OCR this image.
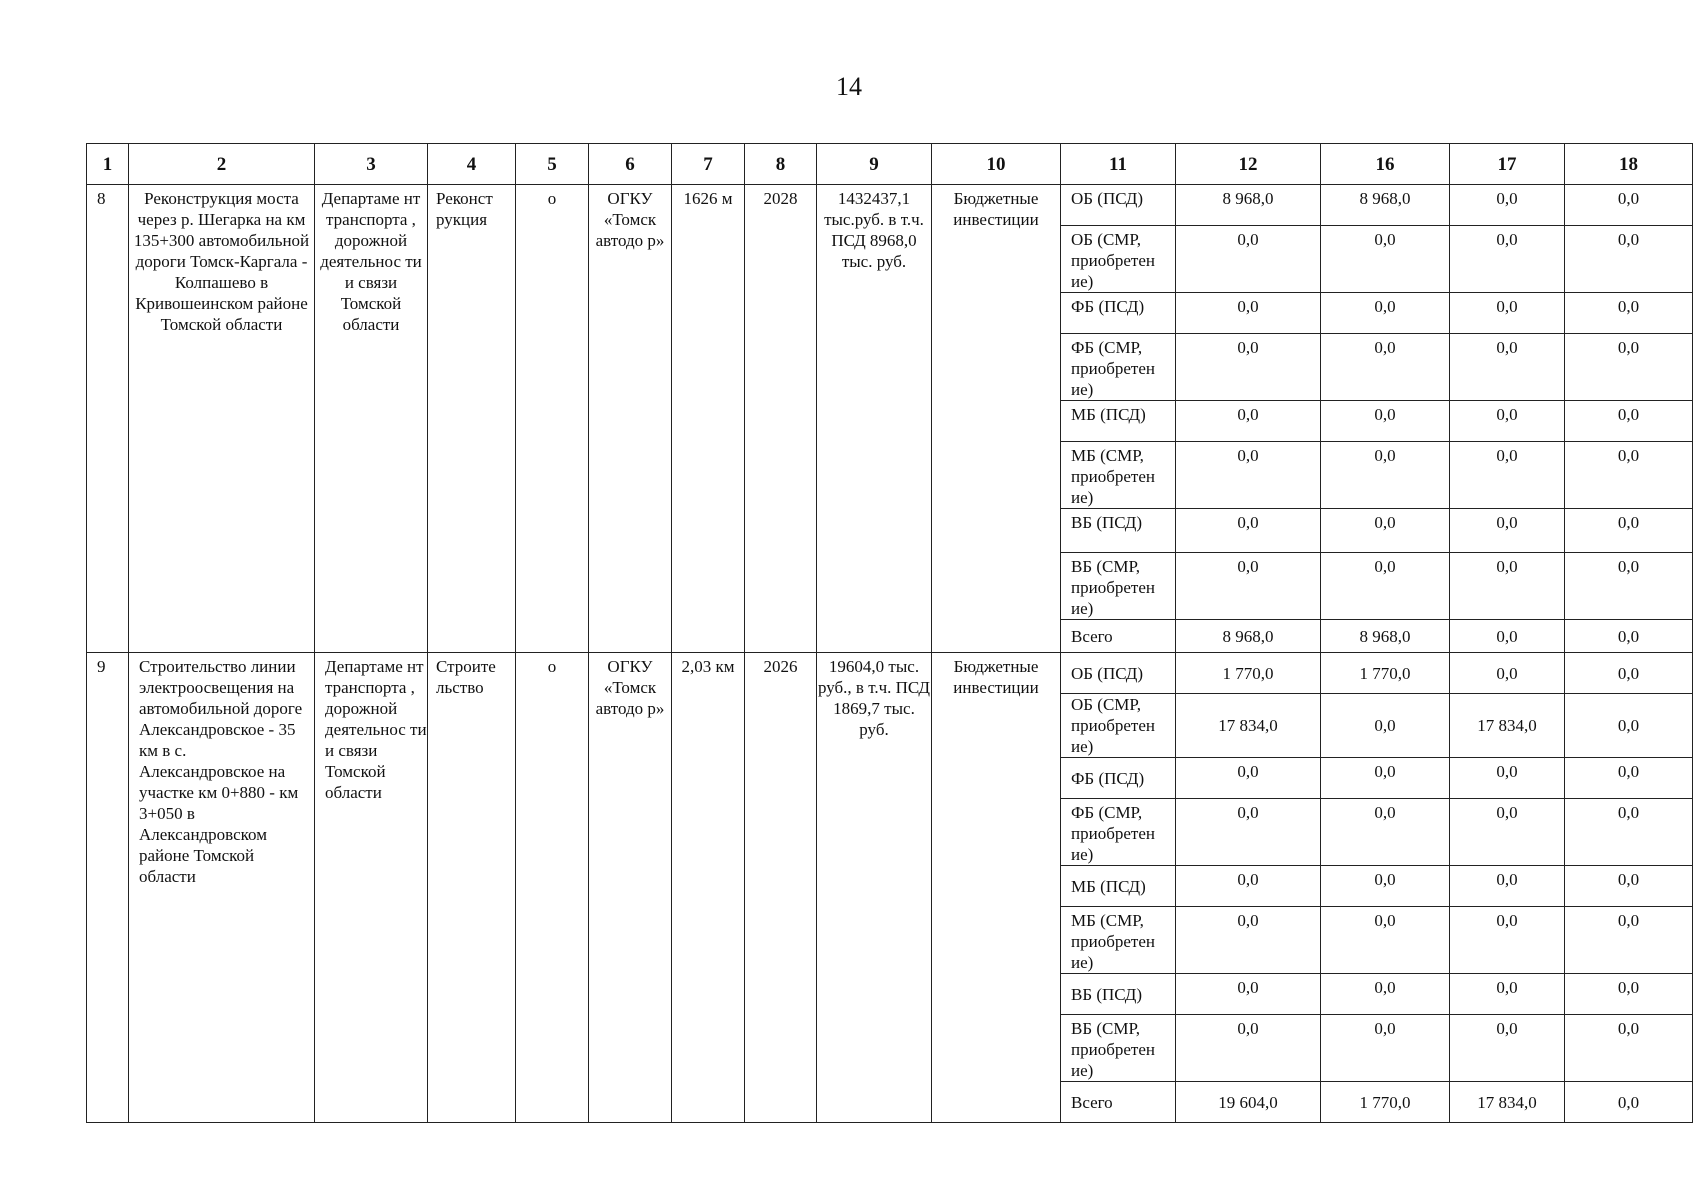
14
1	2	3	4	5	6	7	8	9	10	11	12	16	17	18
8	Реконструкция моста через р. Шегарка на км 135+300 автомобильной дороги Томск-Каргала - Колпашево в Кривошеинском районе Томской области	Департаме нт транспорта , дорожной деятельнос ти и связи Томской области	Реконст рукция	о	ОГКУ «Томск автодо р»	1626 м	2028	1432437,1 тыс.руб. в т.ч. ПСД 8968,0 тыс. руб.	Бюджетные инвестиции	ОБ (ПСД)	8 968,0	8 968,0	0,0	0,0
										ОБ (СМР, приобретен ие)	0,0	0,0	0,0	0,0
										ФБ (ПСД)	0,0	0,0	0,0	0,0
										ФБ (СМР, приобретен ие)	0,0	0,0	0,0	0,0
										МБ (ПСД)	0,0	0,0	0,0	0,0
										МБ (СМР, приобретен ие)	0,0	0,0	0,0	0,0
										ВБ (ПСД)	0,0	0,0	0,0	0,0
										ВБ (СМР, приобретен ие)	0,0	0,0	0,0	0,0
										Всего	8 968,0	8 968,0	0,0	0,0
9	Строительство линии электроосвещения на автомобильной дороге Александровское - 35 км в с. Александровское на участке км 0+880 - км 3+050 в Александровском районе Томской области	Департаме нт транспорта , дорожной деятельнос ти и связи Томской области	Строите льство	о	ОГКУ «Томск автодо р»	2,03 км	2026	19604,0 тыс. руб., в т.ч. ПСД 1869,7 тыс. руб.	Бюджетные инвестиции	ОБ (ПСД)	1 770,0	1 770,0	0,0	0,0
										ОБ (СМР, приобретен ие)	17 834,0	0,0	17 834,0	0,0
										ФБ (ПСД)	0,0	0,0	0,0	0,0
										ФБ (СМР, приобретен ие)	0,0	0,0	0,0	0,0
										МБ (ПСД)	0,0	0,0	0,0	0,0
										МБ (СМР, приобретен ие)	0,0	0,0	0,0	0,0
										ВБ (ПСД)	0,0	0,0	0,0	0,0
										ВБ (СМР, приобретен ие)	0,0	0,0	0,0	0,0
										Всего	19 604,0	1 770,0	17 834,0	0,0
